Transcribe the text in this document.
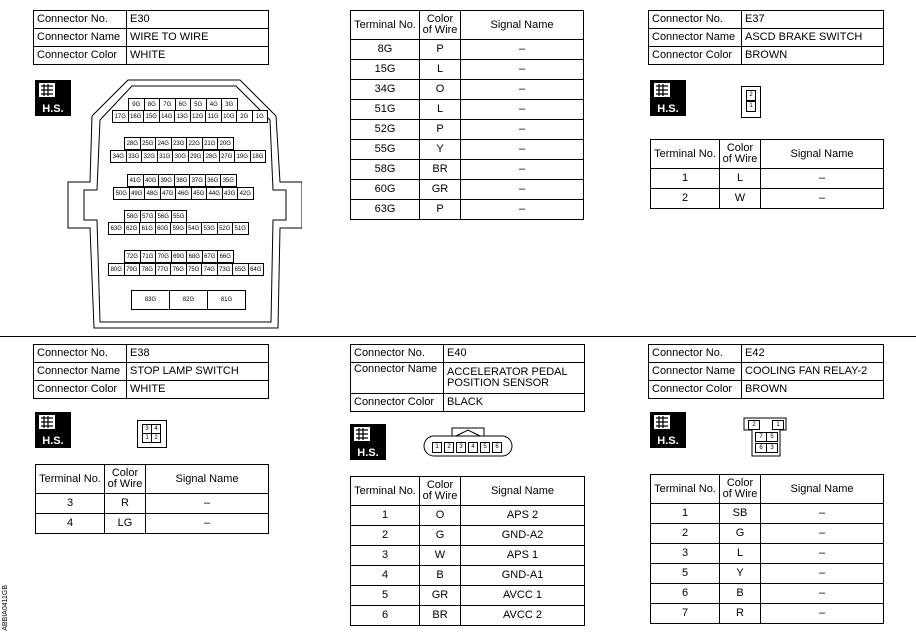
Connector No.	E30
Connector Name	WIRE TO WIRE
Connector Color	WHITE
H.S.	9G	8G	7G	6G	5G	4G	3G
17G 16G 15G 14G 13G 12G 11G 10G 2G	1G
28G 25G 24G 23G 22G 21G 20G
34G 33G 32G 31G 30G 29G 28G 27G 19G 18G
41G 40G 39G 38G 37G 36G 35G
50G 49G 48G 47G 46G 45G 44G 43G 42G
58G 57G 56G 55G
63G 62G 61G 60G 59G 54G 53G 52G 51G
72G 71G 70G 69G 68G 67G 66G
80G 79G 78G 77G 76G 75G 74G 73G 65G 64G
83G	82G	81G
Terminal No.	Color of Wire	Signal Name
8G	P	–
15G	L	–
34G	O	–
51G	L	–
52G	P	–
55G	Y	–
58G	BR	–
60G	GR	–
63G	P	–
Connector No.	E37
Connector Name	ASCD BRAKE SWITCH
Connector Color	BROWN
H.S.
2
1
Terminal No.	Color of Wire	Signal Name
1	L	–
2	W	–
Connector No.	E38
Connector Name	STOP LAMP SWITCH
Connector Color	WHITE
H.S.
3 4
1 2
Terminal No.	Color of Wire	Signal Name
3	R	–
4	LG	–
Connector No.	E40
Connector Name	ACCELERATOR PEDAL POSITION SENSOR
Connector Color	BLACK
H.S.	1	2	3	4	5	6
Terminal No.	Color of Wire	Signal Name
1	O	APS 2
2	G	GND-A2
3	W	APS 1
4	B	GND-A1
5	GR	AVCC 1
6	BR	AVCC 2
Connector No.	E42
Connector Name	COOLING FAN RELAY-2
Connector Color	BROWN
H.S.
2	1
7	5
6	3
Terminal No.	Color of Wire	Signal Name
1	SB	–
2	G	–
3	L	–
5	Y	–
6	B	–
7	R	–
ABBIA0411GB
